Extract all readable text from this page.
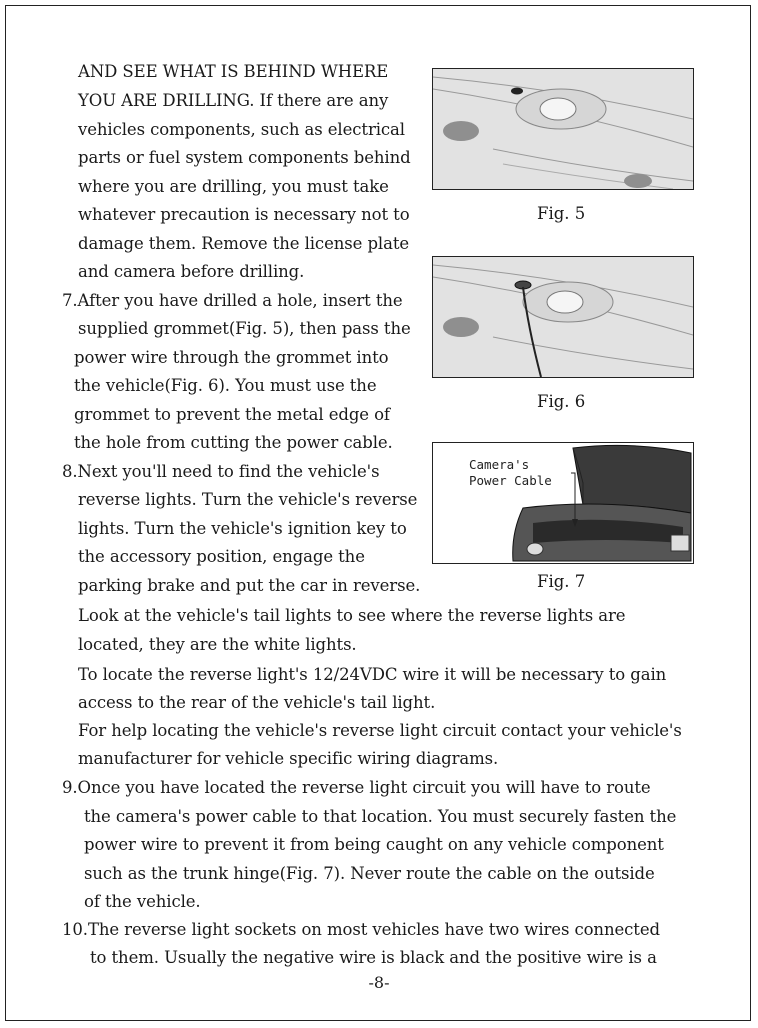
AND SEE WHAT IS BEHIND WHERE
YOU ARE DRILLING. If there are any
vehicles components, such as electrical
parts or fuel system components behind
where you are drilling, you must take
whatever precaution is necessary not to
damage them. Remove the license plate
and camera before drilling.
7.After you have drilled a hole, insert the
supplied grommet(Fig. 5), then pass the
power wire through the grommet into
the vehicle(Fig. 6). You must use the
grommet to prevent the metal edge of
the hole from cutting the power cable.
8.Next you'll need to find the vehicle's
reverse lights. Turn the vehicle's reverse
lights. Turn the vehicle's ignition key to
the accessory position, engage the
parking brake and put the car in reverse.
Look at the vehicle's tail lights to see where the reverse lights are
located, they are the white lights.
To locate the reverse light's 12/24VDC wire it will be necessary to gain
access to the rear of the vehicle's tail light.
For help locating the vehicle's reverse light circuit contact your vehicle's
manufacturer for vehicle specific wiring diagrams.
9.Once you have located the reverse light circuit you will have to route
the camera's power cable to that location. You must securely fasten the
power wire to prevent it from being caught on any vehicle component
such as the trunk hinge(Fig. 7). Never route the cable on the outside
of the vehicle.
10.The reverse light sockets on most vehicles have two wires connected
to them. Usually the negative wire is black and the positive wire is a
Fig. 5
Fig. 6
Camera's
Power Cable
Fig. 7
-8-
